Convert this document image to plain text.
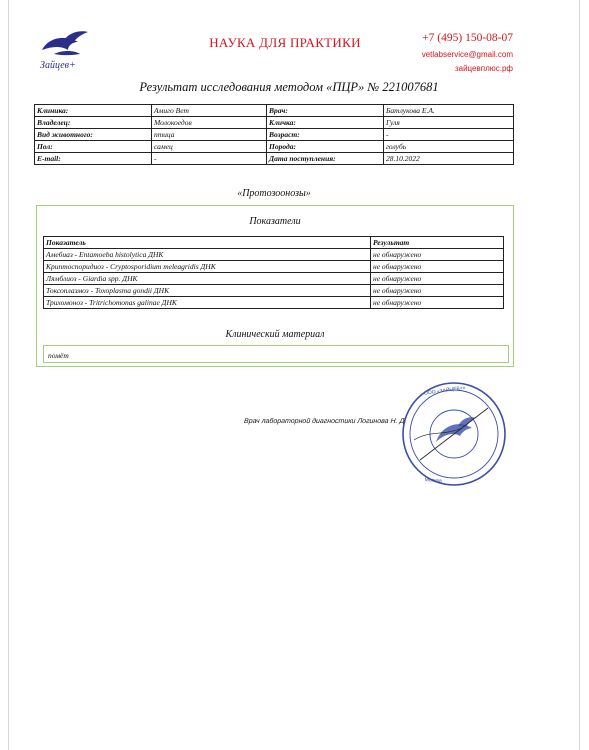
Зайцев+
НАУКА ДЛЯ ПРАКТИКИ	+7 (495) 150-08-07
vetlabservice@gmail.com
зайцевплюс.рф
Результат исследования методом «ПЦР» № 221007681
Клиника:	Амиго Вет	Врач:	Батлукова Е.А.
Владелец:	Молокоедов	Кличка:	Гуля
Вид животного:	птица	Возраст:	-
Пол:	самец	Порода:	голубь
E-mail:	-	Дата поступления:	28.10.2022
«Протозоонозы»
Показатели
Показатель	Результат
Амебиаз - Entamoeba histolytica ДНК	не обнаружено
Криптоспоридиоз - Cryptosporidium meleagridis ДНК	не обнаружено
Лямблиоз - Giardia spp. ДНК	не обнаружено
Токсоплазмоз - Toxoplasma gondii ДНК	не обнаружено
Трихомоноз - Tritrichomonas galinae ДНК	не обнаружено
Клинический материал
помёт
Врач лабораторной диагностики Логинова Н. Д.
ООО «ЗАЙЦЕВ+»
Москва
